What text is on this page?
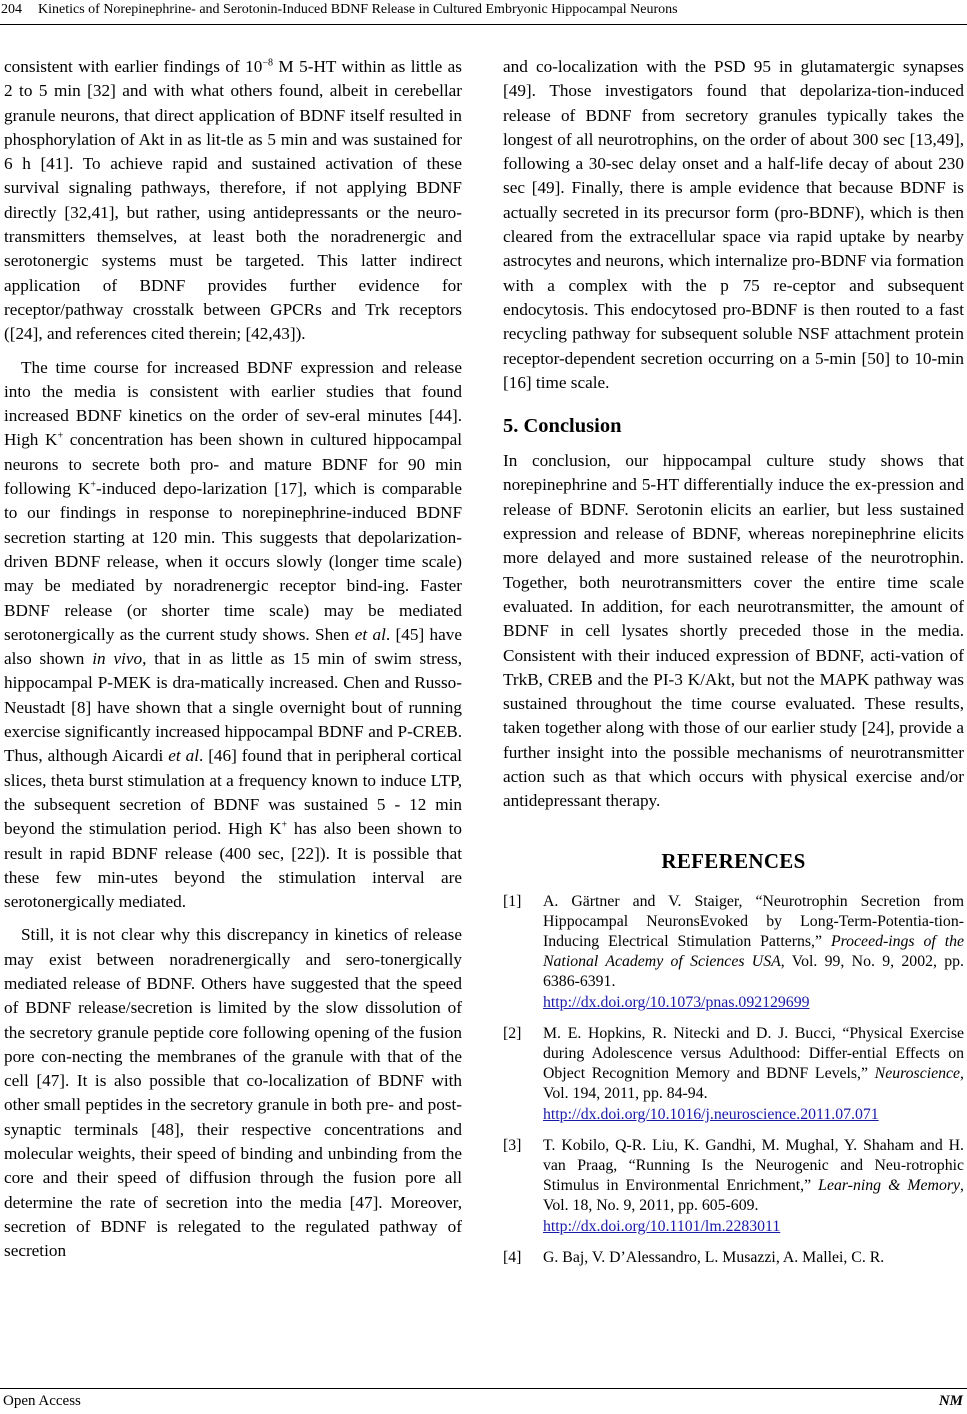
204 Kinetics of Norepinephrine- and Serotonin-Induced BDNF Release in Cultured Embryonic Hippocampal Neurons

consistent with earlier findings of $10^{-8}$ M 5-HT within as little as 2 to 5 min [32] and with what others found, albeit in cerebellar granule neurons, that direct application of BDNF itself resulted in phosphorylation of Akt in as lit-tle as 5 min and was sustained for 6 h [41]. To achieve rapid and sustained activation of these survival signaling pathways, therefore, if not applying BDNF directly [32,41], but rather, using antidepressants or the neuro-transmitters themselves, at least both the noradrenergic and serotonergic systems must be targeted. This latter indirect application of BDNF provides further evidence for receptor/pathway crosstalk between GPCRs and Trk receptors ([24], and references cited therein; [42,43]).

The time course for increased BDNF expression and release into the media is consistent with earlier studies that found increased BDNF kinetics on the order of sev-eral minutes [44]. High K+ concentration has been shown in cultured hippocampal neurons to secrete both pro- and mature BDNF for 90 min following K+-induced depo-larization [17], which is comparable to our findings in response to norepinephrine-induced BDNF secretion starting at 120 min. This suggests that depolarization-driven BDNF release, when it occurs slowly (longer time scale) may be mediated by noradrenergic receptor bind-ing. Faster BDNF release (or shorter time scale) may be mediated serotonergically as the current study shows. Shen et al. [45] have also shown in vivo, that in as little as 15 min of swim stress, hippocampal P-MEK is dra-matically increased. Chen and Russo-Neustadt [8] have shown that a single overnight bout of running exercise significantly increased hippocampal BDNF and P-CREB. Thus, although Aicardi et al. [46] found that in peripheral cortical slices, theta burst stimulation at a frequency known to induce LTP, the subsequent secretion of BDNF was sustained 5 - 12 min beyond the stimulation period. High K+ has also been shown to result in rapid BDNF release (400 sec, [22]). It is possible that these few min-utes beyond the stimulation interval are serotonergically mediated.

Still, it is not clear why this discrepancy in kinetics of release may exist between noradrenergically and sero-tonergically mediated release of BDNF. Others have suggested that the speed of BDNF release/secretion is limited by the slow dissolution of the secretory granule peptide core following opening of the fusion pore con-necting the membranes of the granule with that of the cell [47]. It is also possible that co-localization of BDNF with other small peptides in the secretory granule in both pre- and post-synaptic terminals [48], their respective concentrations and molecular weights, their speed of binding and unbinding from the core and their speed of diffusion through the fusion pore all determine the rate of secretion into the media [47]. Moreover, secretion of BDNF is relegated to the regulated pathway of secretion

and co-localization with the PSD 95 in glutamatergic synapses [49]. Those investigators found that depolariza-tion-induced release of BDNF from secretory granules typically takes the longest of all neurotrophins, on the order of about 300 sec [13,49], following a 30-sec delay onset and a half-life decay of about 230 sec [49]. Finally, there is ample evidence that because BDNF is actually secreted in its precursor form (pro-BDNF), which is then cleared from the extracellular space via rapid uptake by nearby astrocytes and neurons, which internalize pro-BDNF via formation with a complex with the p 75 re-ceptor and subsequent endocytosis. This endocytosed pro-BDNF is then routed to a fast recycling pathway for subsequent soluble NSF attachment protein receptor-dependent secretion occurring on a 5-min [50] to 10-min [16] time scale.

5. Conclusion

In conclusion, our hippocampal culture study shows that norepinephrine and 5-HT differentially induce the ex-pression and release of BDNF. Serotonin elicits an earlier, but less sustained expression and release of BDNF, whereas norepinephrine elicits more delayed and more sustained release of the neurotrophin. Together, both neurotransmitters cover the entire time scale evaluated. In addition, for each neurotransmitter, the amount of BDNF in cell lysates shortly preceded those in the media. Consistent with their induced expression of BDNF, acti-vation of TrkB, CREB and the PI-3 K/Akt, but not the MAPK pathway was sustained throughout the time course evaluated. These results, taken together along with those of our earlier study [24], provide a further insight into the possible mechanisms of neurotransmitter action such as that which occurs with physical exercise and/or antidepressant therapy.

REFERENCES
[1] A. Gärtner and V. Staiger, “Neurotrophin Secretion from Hippocampal NeuronsEvoked by Long-Term-Potentia-tion-Inducing Electrical Stimulation Patterns,” Proceed-ings of the National Academy of Sciences USA, Vol. 99, No. 9, 2002, pp. 6386-6391.
http://dx.doi.org/10.1073/pnas.092129699
[2] M. E. Hopkins, R. Nitecki and D. J. Bucci, “Physical Exercise during Adolescence versus Adulthood: Differ-ential Effects on Object Recognition Memory and BDNF Levels,” Neuroscience, Vol. 194, 2011, pp. 84-94.
http://dx.doi.org/10.1016/j.neuroscience.2011.07.071
[3] T. Kobilo, Q-R. Liu, K. Gandhi, M. Mughal, Y. Shaham and H. van Praag, “Running Is the Neurogenic and Neu-rotrophic Stimulus in Environmental Enrichment,” Lear-ning & Memory, Vol. 18, No. 9, 2011, pp. 605-609.
http://dx.doi.org/10.1101/lm.2283011
[4] G. Baj, V. D’Alessandro, L. Musazzi, A. Mallei, C. R.
Open Access	NM
